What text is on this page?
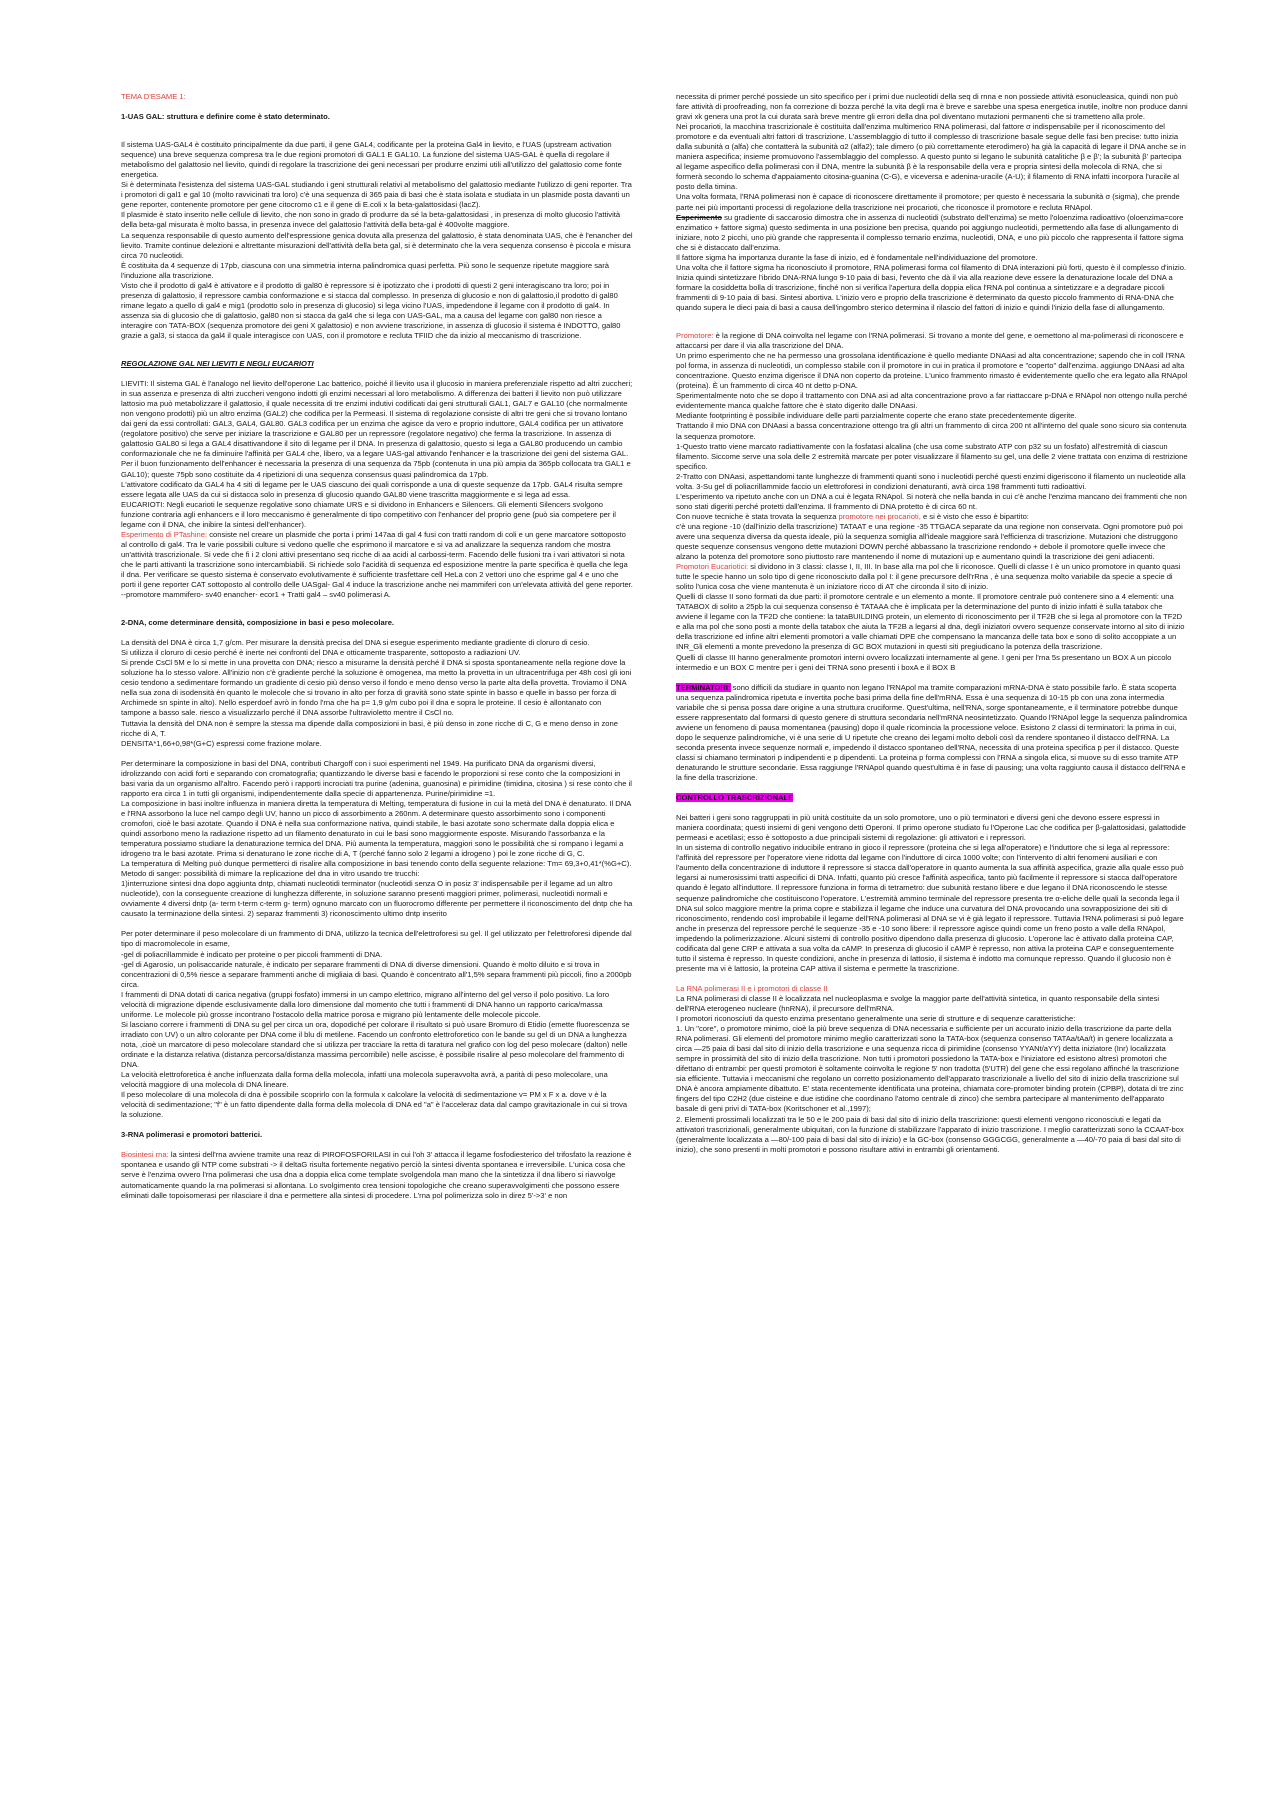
TEMA D'ESAME 1:

1-UAS GAL: struttura e definire come è stato determinato.

Il sistema UAS-GAL4 è costituito principalmente da due parti, il gene GAL4, codificante per la proteina Gal4 in lievito, e l'UAS (upstream activation sequence) una breve sequenza compresa tra le due regioni promotori di GAL1 E GAL10. La funzione del sistema UAS-GAL è quella di regolare il metabolismo del galattosio nel lievito, quindi di regolare la trascrizione dei geni necessari per produrre enzimi utili all'utilizzo del galattosio come fonte energetica.

Si è determinata l'esistenza del sistema UAS-GAL studiando i geni strutturali relativi al metabolismo del galattosio mediante l'utilizzo di geni reporter. Tra i promotori di gal1 e gal 10 (molto ravvicinati tra loro) c'è una sequenza di 365 paia di basi che è stata isolata e studiata in un plasmide posta davanti un gene reporter, contenente promotore per gene citocromo c1 e il gene di E.coli x la beta-galattosidasi (lacZ).

Il plasmide è stato inserito nelle cellule di lievito, che non sono in grado di produrre da sé la beta-galattosidasi , in presenza di molto glucosio l'attività della beta-gal misurata è molto bassa, in presenza invece del galattosio l'attività della beta-gal è 400volte maggiore.

La sequenza responsabile di questo aumento dell'espressione genica dovuta alla presenza del galattosio, è stata denominata UAS, che è l'enancher del lievito. Tramite continue delezioni e altrettante misurazioni dell'attività della beta gal, si è determinato che la vera sequenza consenso è piccola e misura circa 70 nucleotidi.

È costituita da 4 sequenze di 17pb, ciascuna con una simmetria interna palindromica quasi perfetta. Più sono le sequenze ripetute maggiore sarà l'induzione alla trascrizione.

Visto che il prodotto di gal4 è attivatore e il prodotto di gal80 è repressore si è ipotizzato che i prodotti di questi 2 geni interagiscano tra loro; poi in presenza di galattosio, il repressore cambia conformazione e si stacca dal complesso. In presenza di glucosio e non di galattosio,il prodotto di gal80 rimane legato a quello di gal4 e mig1 (prodotto solo in presenza di glucosio) si lega vicino l'UAS, impedendone il legame con il prodotto di gal4. In assenza sia di glucosio che di galattosio, gal80 non si stacca da gal4 che si lega con UAS-GAL, ma a causa del legame con gal80 non riesce a interagire con TATA-BOX (sequenza promotore dei geni X galattosio) e non avviene trascrizione, in assenza di glucosio il sistema è INDOTTO, gal80 grazie a gal3, si stacca da gal4 il quale interagisce con UAS, con il promotore e recluta TFIID che da inizio al meccanismo di trascrizione.

REGOLAZIONE GAL NEI LIEVITI E NEGLI EUCARIOTI

LIEVITI: Il sistema GAL è l'analogo nel lievito dell'operone Lac batterico, poiché il lievito usa il glucosio in maniera preferenziale rispetto ad altri zuccheri; in sua assenza e presenza di altri zuccheri vengono indotti gli enzimi necessari al loro metabolismo. A differenza dei batteri il lievito non può utilizzare lattosio ma può metabolizzare il galattosio, il quale necessita di tre enzimi indutivi codificati dai geni strutturali GAL1, GAL7 e GAL10 (che normalmente non vengono prodotti) più un altro enzima (GAL2) che codifica per la Permeasi. Il sistema di regolazione consiste di altri tre geni che si trovano lontano dai geni da essi controllati: GAL3, GAL4, GAL80. GAL3 codifica per un enzima che agisce da vero e proprio induttore, GAL4 codifica per un attivatore (regolatore positivo) che serve per iniziare la trascrizione e GAL80 per un repressore (regolatore negativo) che ferma la trascrizione. In assenza di galattosio GAL80 si lega a GAL4 disattivandone il sito di legame per il DNA. In presenza di galattosio, questo si lega a GAL80 producendo un cambio conformazionale che ne fa diminuire l'affinità per GAL4 che, libero, va a legare UAS-gal attivando l'enhancer e la trascrizione dei geni del sistema GAL. Per il buon funzionamento dell'enhancer è necessaria la presenza di una sequenza da 75pb (contenuta in una più ampia da 365pb collocata tra GAL1 e GAL10); queste 75pb sono costituite da 4 ripetizioni di una sequenza consensus quasi palindromica da 17pb.

L'attivatore codificato da GAL4 ha 4 siti di legame per le UAS ciascuno dei quali corrisponde a una di queste sequenze da 17pb. GAL4 risulta sempre essere legata alle UAS da cui si distacca solo in presenza di glucosio quando GAL80 viene trascritta maggiormente e si lega ad essa.

EUCARIOTI: Negli eucarioti le sequenze regolative sono chiamate URS e si dividono in Enhancers e Silencers. Gli elementi Silencers svolgono funzione contraria agli enhancers e il loro meccanismo è generalmente di tipo competitivo con l'enhancer del proprio gene (può sia competere per il legame con il DNA, che inibire la sintesi dell'enhancer).

Esperimento di PTashine: consiste nel creare un plasmide che porta i primi 147aa di gal 4 fusi con tratti random di coli e un gene marcatore sottoposto al controllo di gal4. Tra le varie possibili culture si vedono quelle che esprimono il marcatore e si va ad analizzare la sequenza random che mostra un'attività trascrizionale. Si vede che fi i 2 cloni attivi presentano seq ricche di aa acidi al carbossi-term. Facendo delle fusioni tra i vari attivatori si nota che le parti attivanti la trascrizione sono intercambiabili. Si richiede solo l'acidità di sequenza ed esposizione mentre la parte specifica è quella che lega il dna. Per verificare se questo sistema è conservato evolutivamente è sufficiente trasfettare cell HeLa con 2 vettori uno che esprime gal 4 e uno che porti il gene reporter CAT sottoposto al controllo delle UASgal- Gal 4 induce la trascrizione anche nei mammiferi con un'elevata attività del gene reporter.

--promotore mammifero- sv40 enancher- ecor1 + Tratti gal4 – sv40 polimerasi A.

2-DNA, come determinare densità, composizione in basi e peso molecolare.

La densità del DNA è circa 1,7 g/cm. Per misurare la densità precisa del DNA si esegue esperimento mediante gradiente di cloruro di cesio.

Si utilizza il cloruro di cesio perché è inerte nei confronti del DNA e otticamente trasparente, sottoposto a radiazioni UV.

Si prende CsCl 5M e lo si mette in una provetta con DNA; riesco a misurarne la densità perché il DNA si sposta spontaneamente nella regione dove la soluzione ha lo stesso valore. All'inizio non c'è gradiente perché la soluzione è omogenea, ma metto la provetta in un ultracentrifuga per 48h così gli ioni cesio tendono a sedimentare formando un gradiente di cesio più denso verso il fondo e meno denso verso la parte alta della provetta. Troviamo il DNA nella sua zona di isodensità èn quanto le molecole che si trovano in alto per forza di gravità sono state spinte in basso e quelle in basso per forza di Archimede sn spinte in alto). Nello esperdoef avrò in fondo l'rna che ha p= 1,9 g/m cubo poi il dna e sopra le proteine. Il cesio è allontanato con tampone a basso sale. riesco a visualizzarlo perché il DNA assorbe l'ultravioletto mentre il CsCl no.

Tuttavia la densità del DNA non è sempre la stessa ma dipende dalla composizioni in basi, è più denso in zone ricche di C, G e meno denso in zone ricche di A, T.

DENSITA*1,66+0,98*(G+C) espressi come frazione molare.

Per determinare la composizione in basi del DNA, contributi Chargoff con i suoi esperimenti nel 1949. Ha purificato DNA da organismi diversi, idrolizzando con acidi forti e separando con cromatografia; quantizzando le diverse basi e facendo le proporzioni si rese conto che la composizioni in basi varia da un organismo all'altro. Facendo però i rapporti incrociati tra purine (adenina, guanosina) e pirimidine (timidina, citosina ) si rese conto che il rapporto era circa 1 in tutti gli organismi, indipendentemente dalla specie di appartenenza. Purine/pirimidine =1.

La composizione in basi inoltre influenza in maniera diretta la temperatura di Melting, temperatura di fusione in cui la metà del DNA è denaturato. Il DNA e l'RNA assorbono la luce nel campo degli UV, hanno un picco di assorbimento a 260nm. A determinare questo assorbimento sono i componenti cromofori, cioè le basi azotate. Quando il DNA è nella sua conformazione nativa, quindi stabile, le basi azotate sono schermate dalla doppia elica e quindi assorbono meno la radiazione rispetto ad un filamento denaturato in cui le basi sono maggiormente esposte. Misurando l'assorbanza e la temperatura possiamo studiare la denaturazione termica del DNA. Più aumenta la temperatura, maggiori sono le possibilità che si rompano i legami a idrogeno tra le basi azotate. Prima si denaturano le zone ricche di A, T (perché fanno solo 2 legami a idrogeno ) poi le zone ricche di G, C.

La temperatura di Melting può dunque permetterci di risalire alla composizione in basi tenendo conto della seguente relazione: Tm= 69,3+0,41*(%G+C).

Metodo di sanger: possibilità di mimare la replicazione del dna in vitro usando tre trucchi:

1)interruzione sintesi dna dopo aggiunta dntp, chiamati nucleotidi terminator (nucleotidi senza O in posiz 3' indispensabile per il legame ad un altro nucleotide), con la conseguente creazione di lunghezza differente, in soluzione saranno presenti maggiori primer, polimerasi, nucleotidi normali e ovviamente 4 diversi dntp (a- term t-term c-term g- term) ognuno marcato con un fluorocromo differente per permettere il riconoscimento del dntp che ha causato la terminazione della sintesi. 2) separaz frammenti 3) riconoscimento ultimo dntp inserito

Per poter determinare il peso molecolare di un frammento di DNA, utilizzo la tecnica dell'elettroforesi su gel. Il gel utilizzato per l'elettroforesi dipende dal tipo di macromolecole in esame,

-gel di poliacrillammide è indicato per proteine o per piccoli frammenti di DNA.

-gel di Agarosio, un polisaccaride naturale, è indicato per separare frammenti di DNA di diverse dimensioni. Quando è molto diluito e si trova in concentrazioni di 0,5% riesce a separare frammenti anche di migliaia di basi. Quando è concentrato all'1,5% separa frammenti più piccoli, fino a 2000pb circa.

I frammenti di DNA dotati di carica negativa (gruppi fosfato) immersi in un campo elettrico, migrano all'interno del gel verso il polo positivo. La loro velocità di migrazione dipende esclusivamente dalla loro dimensione dal momento che tutti i frammenti di DNA hanno un rapporto carica/massa uniforme. Le molecole più grosse incontrano l'ostacolo della matrice porosa e migrano più lentamente delle molecole piccole.

Si lasciano correre i frammenti di DNA su gel per circa un ora, dopodiché per colorare il risultato si può usare Bromuro di Etidio (emette fluorescenza se irradiato con UV) o un altro colorante per DNA come il blu di metilene. Facendo un confronto elettroforetico con le bande su gel di un DNA a lunghezza nota, ,cioè un marcatore di peso molecolare standard che si utilizza per tracciare la retta di taratura nel grafico con log del peso molecare (dalton) nelle ordinate e la distanza relativa (distanza percorsa/distanza massima percorribile) nelle ascisse, è possibile risalire al peso molecolare del frammento di DNA.

La velocità elettroforetica è anche influenzata dalla forma della molecola, infatti una molecola superavvolta avrà, a parità di peso molecolare, una velocità maggiore di una molecola di DNA lineare.

Il peso molecolare di una molecola di dna è possibile scoprirlo con la formula x calcolare la velocità di sedimentazione v= PM x F x a. dove v è la velocità di sedimentazione; "f" è un fatto dipendente dalla forma della molecola di DNA ed "a" è l'acceleraz data dal campo gravitazionale in cui si trova la soluzione.

3-RNA polimerasi e promotori batterici.

Biosintesi rna: la sintesi dell'rna avviene tramite una reaz di PIROFOSFORILASI in cui l'oh 3' attacca il legame fosfodiesterico del trifosfato la reazione è spontanea e usando gli NTP come substrati -> il deltaG risulta fortemente negativo perciò la sintesi diventa spontanea e irreversibile. L'unica cosa che serve è l'enzima ovvero l'rna polimerasi che usa dna a doppia elica come template svolgendola man mano che la sintetizza il dna libero si riavvolge automaticamente quando la rna polimerasi si allontana. Lo svolgimento crea tensioni topologiche che creano superavvolgimenti che possono essere eliminati dalle topoisomerasi per rilasciare il dna e permettere alla sintesi di procedere. L'rna pol polimerizza solo in direz 5'->3' e non

necessita di primer perché possiede un sito specifico per i primi due nucleotidi della seq di rnna e non possiede attività esonucleasica, quindi non può fare attività di proofreading, non fa correzione di bozza perché la vita degli rna è breve e sarebbe una spesa energetica inutile, inoltre non produce danni gravi xk genera una prot la cui durata sarà breve mentre gli errori della dna pol diventano mutazioni permanenti che si trametteno alla prole.

Nei procarioti, la macchina trascrizionale è costituita dall'enzima multimerico RNA polimerasi, dal fattore σ indispensabile per il riconoscimento del promotore e da eventuali altri fattori di trascrizione. L'assemblaggio di tutto il complesso di trascrizione basale segue delle fasi ben precise: tutto inizia dalla subunità α (alfa) che contatterà la subunità α2 (alfa2); tale dimero (o più correttamente eterodimero) ha già la capacità di legare il DNA anche se in maniera aspecifica; insieme promuovono l'assemblaggio del complesso. A questo punto si legano le subunità catalitiche β e β'; la subunità β' partecipa al legame aspecifico della polimerasi con il DNA, mentre la subunità β è la responsabile della vera e propria sintesi della molecola di RNA, che si formerà secondo lo schema d'appaiamento citosina-guanina (C-G), e viceversa e adenina-uracile (A-U); il filamento di RNA infatti incorpora l'uracile al posto della timina.

Una volta formata, l'RNA polimerasi non è capace di riconoscere direttamente il promotore; per questo è necessaria la subunità σ (sigma), che prende parte nei più importanti processi di regolazione della trascrizione nei procarioti, che riconosce il promotore e recluta RNApol.

Esperimento su gradiente di saccarosio dimostra che in assenza di nucleotidi (substrato dell'enzima) se metto l'oloenzima radioattivo (oloenzima=core enzimatico + fattore sigma) questo sedimenta in una posizione ben precisa, quando poi aggiungo nucleotidi, permettendo alla fase di allungamento di iniziare, noto 2 picchi, uno più grande che rappresenta il complesso ternario enzima, nucleotidi, DNA, e uno più piccolo che rappresenta il fattore sigma che si è distaccato dall'enzima.

Il fattore sigma ha importanza durante la fase di inizio, ed è fondamentale nell'individuazione del promotore.

Una volta che il fattore sigma ha riconosciuto il promotore, RNA polimerasi forma col filamento di DNA interazioni più forti, questo è il complesso d'inizio.

Inizia quindi sintetizzare l'ibrido DNA-RNA lungo 9-10 paia di basi, l'evento che dà il via alla reazione deve essere la denaturazione locale del DNA a formare la cosiddetta bolla di trascrizione, finché non si verifica l'apertura della doppia elica l'RNA pol continua a sintetizzare e a degradare piccoli frammenti di 9-10 paia di basi. Sintesi abortiva. L'inizio vero e proprio della trascrizione è determinato da questo piccolo frammento di RNA-DNA che quando supera le dieci paia di basi a causa dell'ingombro sterico determina il rilascio del fattori di inizio e quindi l'inizio della fase di allungamento.

Promotore: è la regione di DNA coinvolta nel legame con l'RNA polimerasi. Si trovano a monte del gene, e oemettono al ma-polimerasi di riconoscere e attaccarsi per dare il via alla trascrizione del DNA.

Un primo esperimento che ne ha permesso una grossolana identificazione è quello mediante DNAasi ad alta concentrazione; sapendo che in coll l'RNA pol forma, in assenza di nucleotidi, un complesso stabile con il promotore in cui in pratica il promotore e "coperto" dall'enzima. aggiungo DNAasi ad alta concentrazione. Questo enzima digerisce il DNA non coperto da proteine. L'unico frammento rimasto è evidentemente quello che era legato alla RNApol (proteina). È un frammento di circa 40 nt detto p-DNA.

Sperimentalmente noto che se dopo il trattamento con DNA asi ad alta concentrazione provo a far riattaccare p-DNA e RNApol non ottengo nulla perché evidentemente manca qualche fattore che è stato digerito dalle DNAasi.

Mediante footprinting è possibile individuare delle parti parzialmente coperte che erano state precedentemente digerite.

Trattando il mio DNA con DNAasi a bassa concentrazione ottengo tra gli altri un frammento di circa 200 nt all'interno del quale sono sicuro sia contenuta la sequenza promotore.

1-Questo tratto viene marcato radiattivamente con la fosfatasi alcalina (che usa come substrato ATP con p32 su un fosfato) all'estremità di ciascun filamento. Siccome serve una sola delle 2 estremità marcate per poter visualizzare il filamento su gel, una delle 2 viene trattata con enzima di restrizione specifico.

2-Tratto con DNAasi, aspettandomi tante lunghezze di frammenti quanti sono i nucleotidi perché questi enzimi digeriscono il filamento un nucleotide alla volta. 3-Su gel di poliacrillammide faccio un elettroforesi in condizioni denaturanti, avrà circa 198 frammenti tutti radioattivi.

L'esperimento va ripetuto anche con un DNA a cui è legata RNApol. Si noterà che nella banda in cui c'è anche l'enzima mancano dei frammenti che non sono stati digeriti perché protetti dall'enzima. Il frammento di DNA protetto è di circa 60 nt.

Con nuove tecniche è stata trovata la sequenza promotore nei procarioti, e si è visto che esso è bipartito:

c'è una regione -10 (dall'inizio della trascrizione) TATAAT e una regione -35 TTGACA separate da una regione non conservata. Ogni promotore può poi avere una sequenza diversa da questa ideale, più la sequenza somiglia all'ideale maggiore sarà l'efficienza di trascrizione. Mutazioni che distruggono queste sequenze consensus vengono dette mutazioni DOWN perché abbassano la trascrizione rendondo + debole il promotore quelle invece che alzano la potenza del promotore sono piuttosto rare mantenendo il nome di mutazioni up e aumentano quindi la trascrizione dei geni adiacenti.

Promotori Eucariotici: si dividono in 3 classi: classe I, II, III. In base alla rna pol che li riconosce. Quelli di classe I è un unico promotore in quanto quasi tutte le specie hanno un solo tipo di gene riconosciuto dalla pol I: il gene precursore dell'rRna , è una sequenza molto variabile da specie a specie di solito l'unica cosa che viene mantenuta è un iniziatore ricco di AT che circonda il sito di inizio.

Quelli di classe II sono formati da due parti: il promotore centrale e un elemento a monte. Il promotore centrale può contenere sino a 4 elementi: una TATABOX di solito a 25pb la cui sequenza consenso è TATAAA che è implicata per la determinazione del punto di inizio infatti è sulla tatabox che avviene il legame con la TF2D che contiene: la tataBUILDING protein, un elemento di riconoscimento per il TF2B che si lega al promotore con la TF2D e alla rna pol che sono posti a monte della tatabox che aiuta la TF2B a legarsi al dna, degli iniziatori ovvero sequenze conservate intorno al sito di inizio della trascrizione ed infine altri elementi promotori a valle chiamati DPE che compensano la mancanza delle tata box e sono di solito accoppiate a un INR_Gli elementi a monte prevedono la presenza di GC BOX mutazioni in questi siti pregiudicano la potenza della trascrizione.

Quelli di classe III hanno generalmente promotori interni ovvero localizzati internamente al gene. I geni per l'rna 5s presentano un BOX A un piccolo intermedio e un BOX C mentre per i geni dei TRNA sono presenti i boxA e il BOX B

TERMINATORI: sono difficili da studiare in quanto non legano l'RNApol ma tramite comparazioni mRNA-DNA è stato possibile farlo. È stata scoperta una sequenza palindromica ripetuta e invertita poche basi prima della fine dell'mRNA. Essa è una sequenza di 10-15 pb con una zona intermedia variabile che si pensa possa dare origine a una struttura cruciforme. Quest'ultima, nell'RNA, sorge spontaneamente, e il terminatore potrebbe dunque essere rappresentato dal formarsi di questo genere di struttura secondaria nell'mRNA neosintetizzato. Quando l'RNApol legge la sequenza palindromica avviene un fenomeno di pausa momentanea (pausing) dopo il quale ricomincia la processione veloce. Esistono 2 classi di terminatori: la prima in cui, dopo le sequenze palindromiche, vi è una serie di U ripetute che creano dei legami molto deboli così da rendere spontaneo il distacco dell'RNA. La seconda presenta invece sequenze normali e, impedendo il distacco spontaneo dell'RNA, necessita di una proteina specifica p per il distacco. Queste classi si chiamano terminatori p indipendenti e p dipendenti. La proteina p forma complessi con l'RNA a singola elica, si muove su di esso tramite ATP denaturando le strutture secondarie. Essa raggiunge l'RNApol quando quest'ultima è in fase di pausing; una volta raggiunto causa il distacco dell'RNA e la fine della trascrizione.

CONTROLLO TRASCRIZIONALE

Nei batteri i geni sono raggruppati in più unità costituite da un solo promotore, uno o più terminatori e diversi geni che devono essere espressi in maniera coordinata; questi insiemi di geni vengono detti Operoni. Il primo operone studiato fu l'Operone Lac che codifica per β-galattosidasi, galattodide permeasi e acetilasi; esso è sottoposto a due principali sistemi di regolazione: gli attivatori e i repressori.

In un sistema di controllo negativo inducibile entrano in gioco il repressore (proteina che si lega all'operatore) e l'induttore che si lega al repressore: l'affinità del repressore per l'operatore viene ridotta dal legame con l'induttore di circa 1000 volte; con l'intervento di altri fenomeni ausiliari e con l'aumento della concentrazione di induttore il repressore si stacca dall'operatore in quanto aumenta la sua affinità aspecifica, grazie alla quale esso può legarsi ai numerosissimi tratti aspecifici di DNA. Infatti, quanto più cresce l'affinità aspecifica, tanto più facilmente il repressore si stacca dall'operatore quando è legato all'induttore. Il repressore funziona in forma di tetrametro: due subunità restano libere e due legano il DNA riconoscendo le stesse sequenze palindromiche che costituiscono l'operatore. L'estremità ammino terminale del repressore presenta tre α-eliche delle quali la seconda lega il DNA sul solco maggiore mentre la prima copre e stabilizza il legame che induce una curvatura del DNA provocando una sovrapposizione dei siti di riconoscimento, rendendo così improbabile il legame dell'RNA polimerasi al DNA se vi è già legato il repressore. Tuttavia l'RNA polimerasi si può legare anche in presenza del repressore perché le sequenze -35 e -10 sono libere: il repressore agisce quindi come un freno posto a valle della RNApol, impedendo la polimerizzazione. Alcuni sistemi di controllo positivo dipendono dalla presenza di glucosio. L'operone lac è attivato dalla proteina CAP, codificata dal gene CRP e attivata a sua volta da cAMP. In presenza di glucosio il cAMP è represso, non attiva la proteina CAP e conseguentemente tutto il sistema è represso. In queste condizioni, anche in presenza di lattosio, il sistema è indotto ma comunque represso. Quando il glucosio non è presente ma vi è lattosio, la proteina CAP attiva il sistema e permette la trascrizione.

La RNA polimerasi II e i promotori di classe II

La RNA polimerasi di classe II è localizzata nel nucleoplasma e svolge la maggior parte dell'attività sintetica, in quanto responsabile della sintesi dell'RNA eterogeneo nucleare (hnRNA), il precursore dell'mRNA.

I promotori riconosciuti da questo enzima presentano generalmente una serie di strutture e di sequenze caratteristiche:

1. Un "core", o promotore minimo, cioè la più breve sequenza di DNA necessaria e sufficiente per un accurato inizio della trascrizione da parte della RNA polimerasi. Gli elementi del promotore minimo meglio caratterizzati sono la TATA-box (sequenza consenso TATAa/tAa/t) in genere localizzata a circa —25 paia di basi dal sito di inizio della trascrizione e una sequenza ricca di pirimidine (consenso YYANt/aYY) detta iniziatore (Inr) localizzata sempre in prossimità del sito di inizio della trascrizione. Non tutti i promotori possiedono la TATA-box e l'iniziatore ed esistono altresì promotori che difettano di entrambi: per questi promotori è soltamente coinvolta le regione 5' non tradotta (5'UTR) del gene che essi regolano affinché la trascrizione sia efficiente. Tuttavia i meccanismi che regolano un corretto posizionamento dell'apparato trascrizionale a livello del sito di inizio della trascrizione sul DNA è ancora ampiamente dibattuto. E' stata recentemente identificata una proteina, chiamata core-promoter binding protein (CPBP), dotata di tre zinc fingers del tipo C2H2 (due cisteine e due istidine che coordinano l'atomo centrale di zinco) che sembra partecipare al mantenimento dell'apparato basale di geni privi di TATA-box (Koritschoner et al.,1997);

2. Elementi prossimali localizzati tra le 50 e le 200 paia di basi dal sito di inizio della trascrizione: questi elementi vengono riconosciuti e legati da attivatori trascrizionali, generalmente ubiquitari, con la funzione di stabilizzare l'apparato di inizio trascrizione. I meglio caratterizzati sono la CCAAT-box (generalmente localizzata a —80/-100 paia di basi dal sito di inizio) e la GC-box (consenso GGGCGG, generalmente a —40/-70 paia di basi dal sito di inizio), che sono presenti in molti promotori e possono risultare attivi in entrambi gli orientamenti.
